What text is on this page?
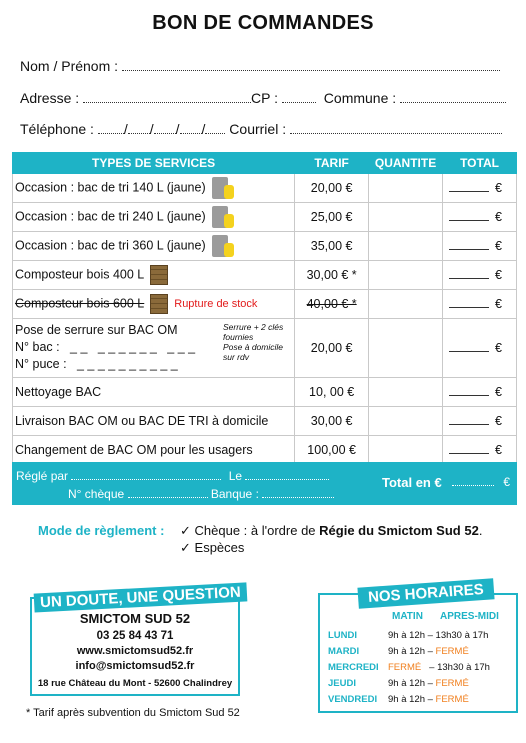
BON DE COMMANDES
Nom / Prénom :
Adresse :	CP :	Commune :
Téléphone : / / / / Courriel :
TYPES DE SERVICES	TARIF	QUANTITE	TOTAL
Occasion : bac de tri 140 L (jaune)	20,00 €		€
Occasion : bac de tri 240 L (jaune)	25,00 €		€
Occasion : bac de tri 360 L (jaune)	35,00 €		€
Composteur bois 400 L	30,00 € *		€
Composteur bois 600 L Rupture de stock	40,00 € *		€

Pose de serrure sur BAC OM
N° bac :   _ _   _ _ _ _ _ _   _ _ _
N° puce :   _ _ _ _ _ _ _ _ _ _
Serrure + 2 clés fournies
Pose à domicile sur rdv	20,00 €		€
Nettoyage BAC	10, 00 €		€
Livraison BAC OM ou BAC DE TRI à domicile	30,00 €		€
Changement de BAC OM pour les usagers	100,00 €		€
Réglé par	Le
N° chèque	Banque :
Total en €	€
Mode de règlement : ✓ Chèque : à l'ordre de Régie du Smictom Sud 52.
✓ Espèces
UN DOUTE, UNE QUESTION
SMICTOM SUD 52
03 25 84 43 71
www.smictomsud52.fr
info@smictomsud52.fr
18 rue Château du Mont - 52600 Chalindrey
* Tarif après subvention du Smictom Sud 52
NOS HORAIRES
MATIN APRES-MIDI
LUNDI	9h à 12h – 13h30 à 17h
MARDI	9h à 12h – FERMÉ
MERCREDI FERMÉ   – 13h30 à 17h
JEUDI	9h à 12h – FERMÉ
VENDREDI 9h à 12h – FERMÉ
